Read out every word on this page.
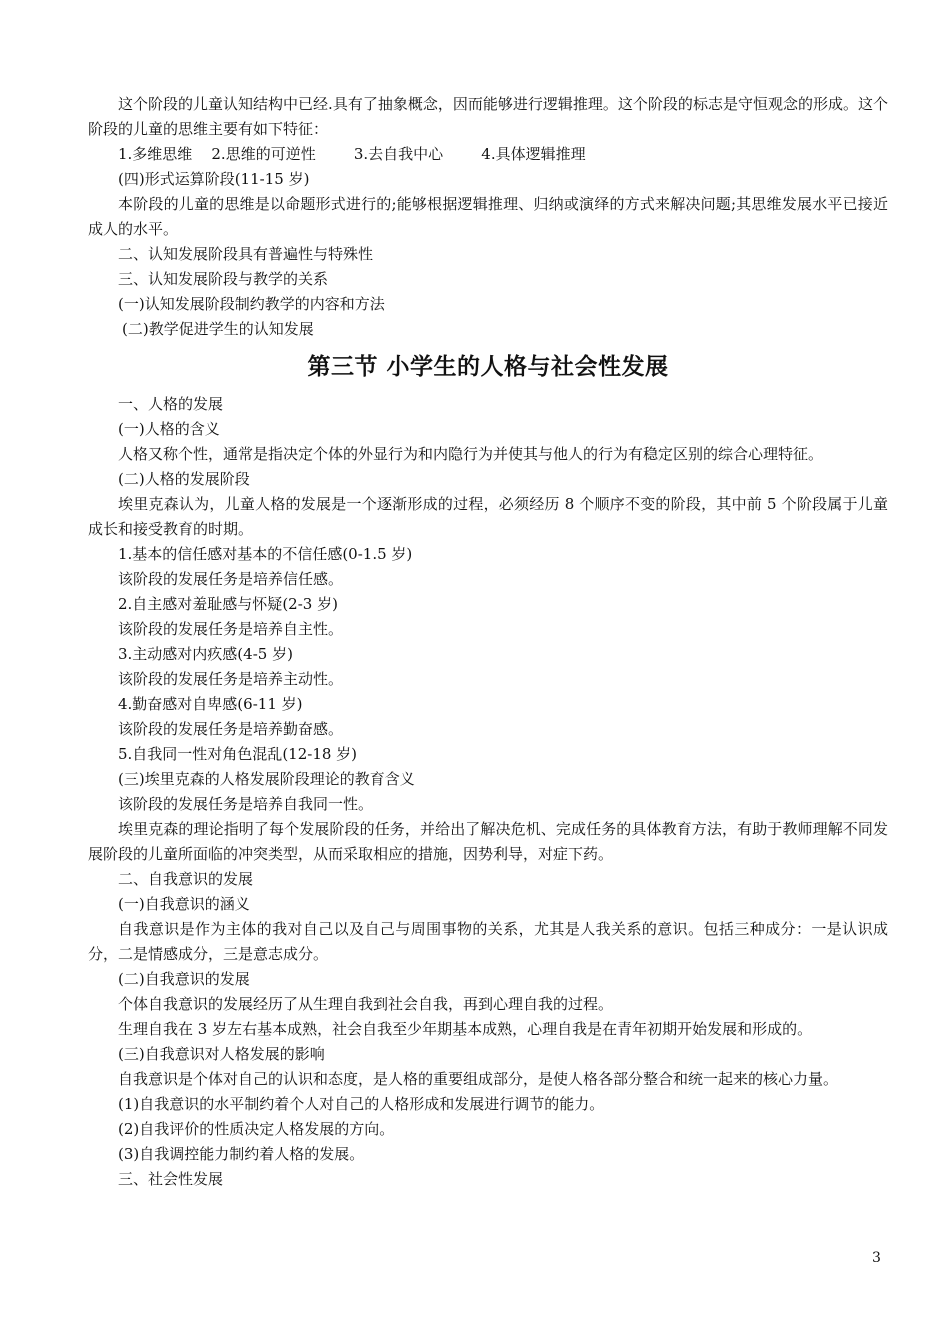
这个阶段的儿童认知结构中已经.具有了抽象概念，因而能够进行逻辑推理。这个阶段的标志是守恒观念的形成。这个阶段的儿童的思维主要有如下特征：

1.多维思维    2.思维的可逆性        3.去自我中心        4.具体逻辑推理

(四)形式运算阶段(11-15 岁)

本阶段的儿童的思维是以命题形式进行的;能够根据逻辑推理、归纳或演绎的方式来解决问题;其思维发展水平已接近成人的水平。

二、认知发展阶段具有普遍性与特殊性

三、认知发展阶段与教学的关系

(一)认知发展阶段制约教学的内容和方法

(二)教学促进学生的认知发展

第三节 小学生的人格与社会性发展

一、人格的发展

(一)人格的含义

人格又称个性，通常是指决定个体的外显行为和内隐行为并使其与他人的行为有稳定区别的综合心理特征。

(二)人格的发展阶段

埃里克森认为，儿童人格的发展是一个逐渐形成的过程，必须经历 8 个顺序不变的阶段，其中前 5 个阶段属于儿童成长和接受教育的时期。

1.基本的信任感对基本的不信任感(0-1.5 岁)

该阶段的发展任务是培养信任感。

2.自主感对羞耻感与怀疑(2-3 岁)

该阶段的发展任务是培养自主性。

3.主动感对内疚感(4-5 岁)

该阶段的发展任务是培养主动性。

4.勤奋感对自卑感(6-11 岁)

该阶段的发展任务是培养勤奋感。

5.自我同一性对角色混乱(12-18 岁)

(三)埃里克森的人格发展阶段理论的教育含义

该阶段的发展任务是培养自我同一性。

埃里克森的理论指明了每个发展阶段的任务，并给出了解决危机、完成任务的具体教育方法，有助于教师理解不同发展阶段的儿童所面临的冲突类型，从而采取相应的措施，因势利导，对症下药。

二、自我意识的发展

(一)自我意识的涵义

自我意识是作为主体的我对自己以及自己与周围事物的关系，尤其是人我关系的意识。包括三种成分：一是认识成分，二是情感成分，三是意志成分。

(二)自我意识的发展

个体自我意识的发展经历了从生理自我到社会自我，再到心理自我的过程。

生理自我在 3 岁左右基本成熟，社会自我至少年期基本成熟，心理自我是在青年初期开始发展和形成的。

(三)自我意识对人格发展的影响

自我意识是个体对自己的认识和态度，是人格的重要组成部分，是使人格各部分整合和统一起来的核心力量。

(1)自我意识的水平制约着个人对自己的人格形成和发展进行调节的能力。

(2)自我评价的性质决定人格发展的方向。

(3)自我调控能力制约着人格的发展。

三、社会性发展

3
